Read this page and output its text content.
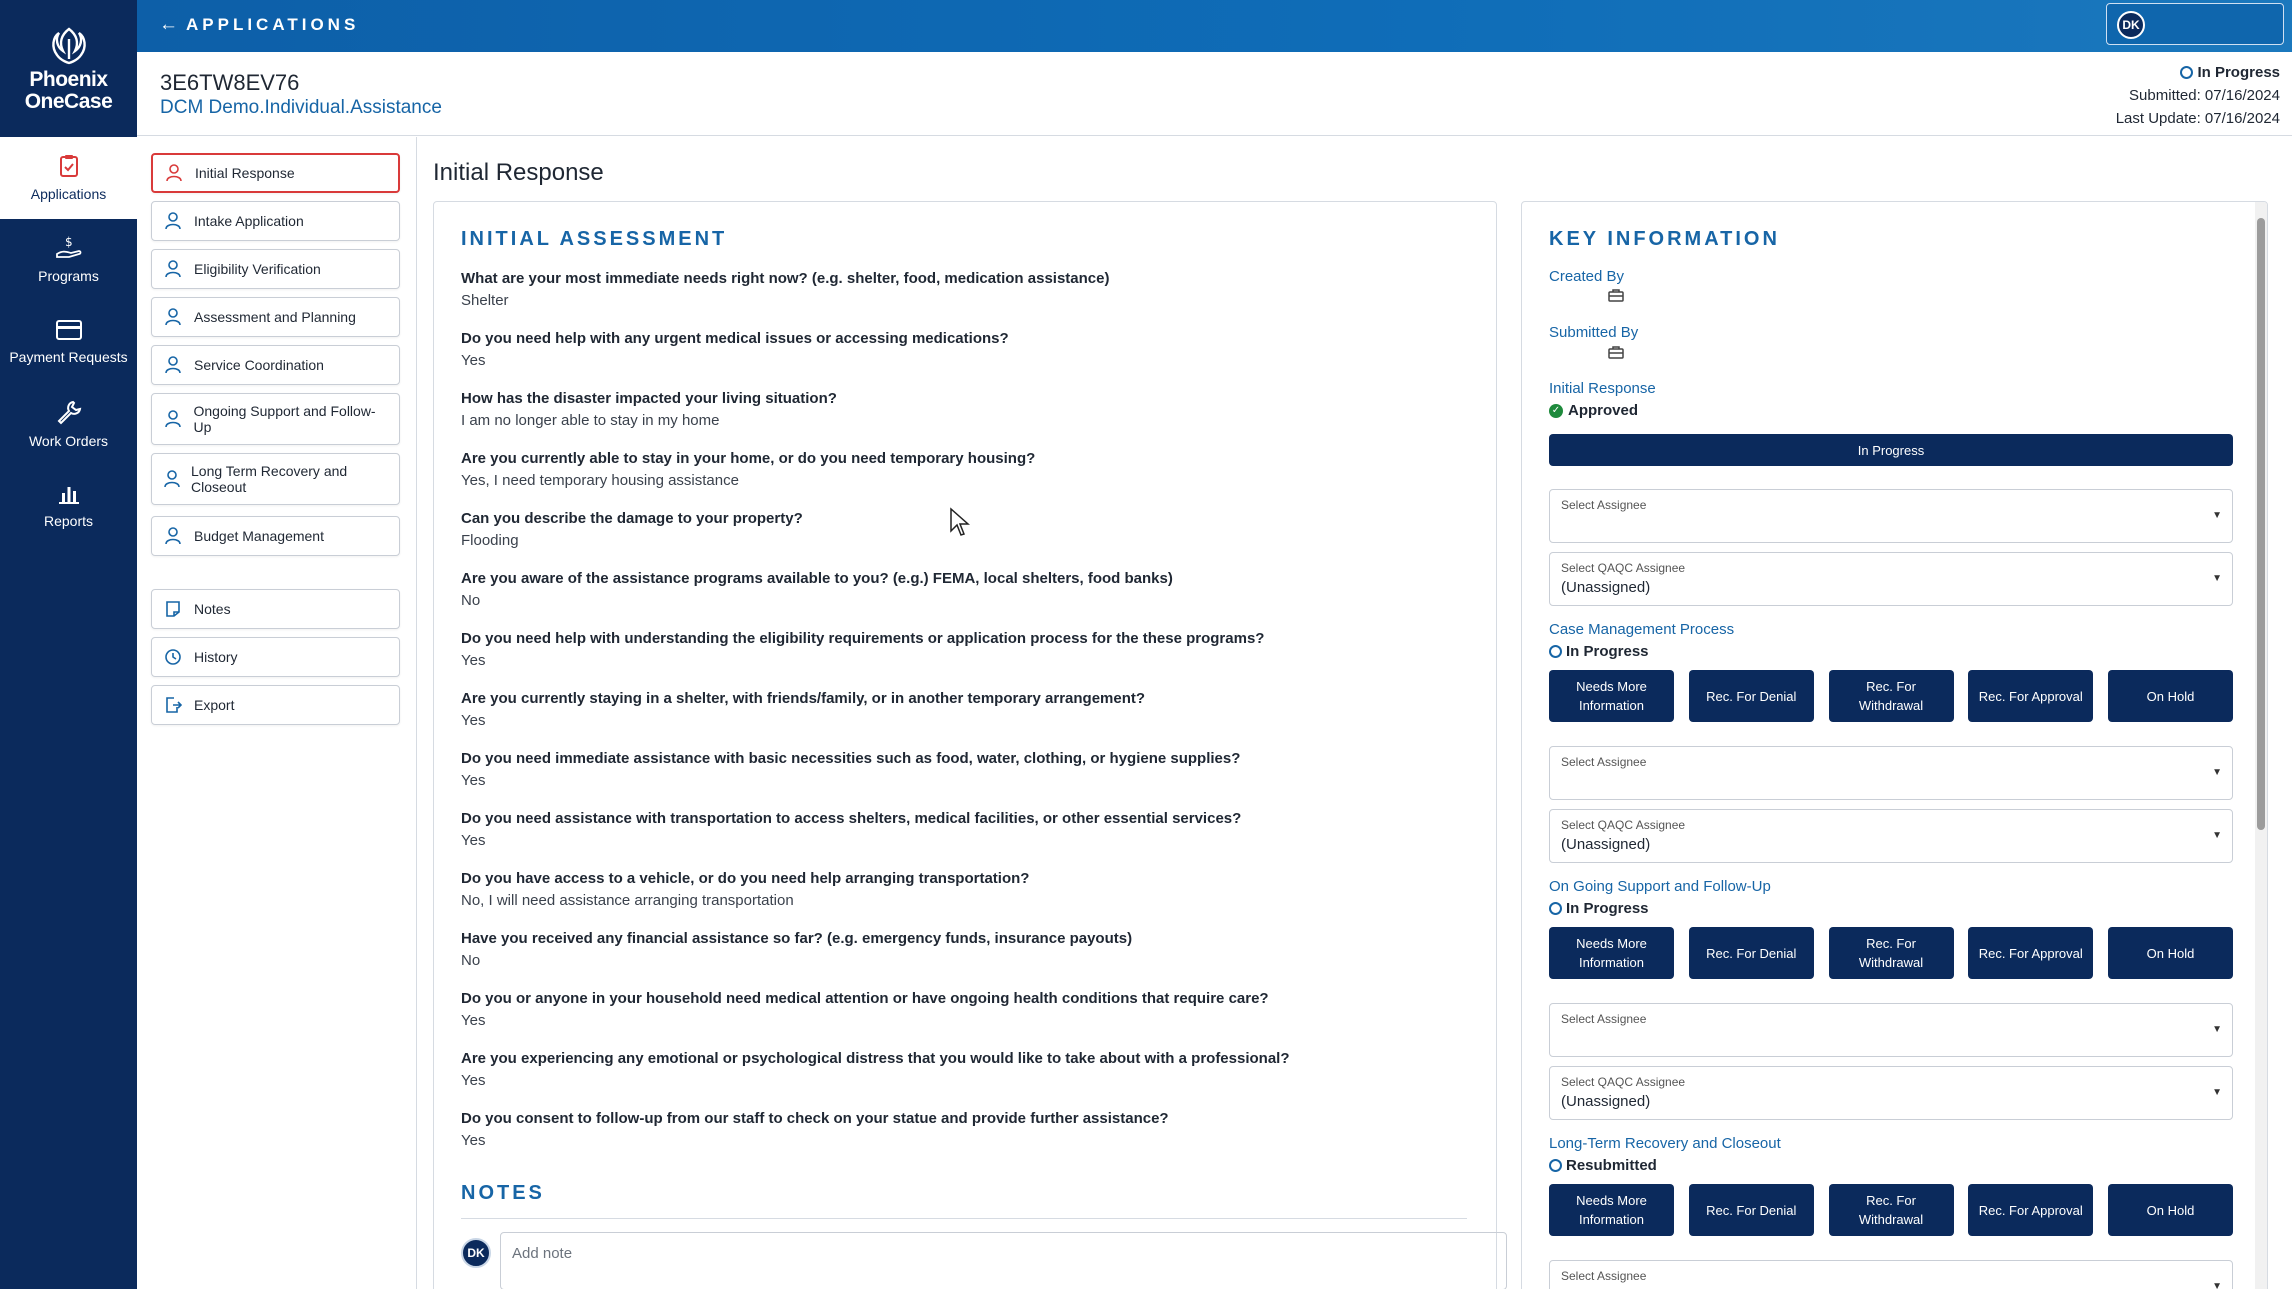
Phoenix
OneCase
Applications
$
Programs
Payment Requests
Work Orders
Reports
← APPLICATIONS	DK
3E6TW8EV76
DCM Demo.Individual.Assistance
In Progress
Submitted: 07/16/2024
Last Update: 07/16/2024
Initial Response
Intake Application
Eligibility Verification
Assessment and Planning
Service Coordination
Ongoing Support and Follow-Up
Long Term Recovery and Closeout
Budget Management
Notes
History
Export
Initial Response
INITIAL ASSESSMENT
What are your most immediate needs right now? (e.g. shelter, food, medication assistance)
Shelter
Do you need help with any urgent medical issues or accessing medications?
Yes
How has the disaster impacted your living situation?
I am no longer able to stay in my home
Are you currently able to stay in your home, or do you need temporary housing?
Yes, I need temporary housing assistance
Can you describe the damage to your property?
Flooding
Are you aware of the assistance programs available to you? (e.g.) FEMA, local shelters, food banks)
No
Do you need help with understanding the eligibility requirements or application process for the these programs?
Yes
Are you currently staying in a shelter, with friends/family, or in another temporary arrangement?
Yes
Do you need immediate assistance with basic necessities such as food, water, clothing, or hygiene supplies?
Yes
Do you need assistance with transportation to access shelters, medical facilities, or other essential services?
Yes
Do you have access to a vehicle, or do you need help arranging transportation?
No, I will need assistance arranging transportation
Have you received any financial assistance so far? (e.g. emergency funds, insurance payouts)
No
Do you or anyone in your household need medical attention or have ongoing health conditions that require care?
Yes
Are you experiencing any emotional or psychological distress that you would like to take about with a professional?
Yes
Do you consent to follow-up from our staff to check on your statue and provide further assistance?
Yes
NOTES
DK	Add note
KEY INFORMATION
Created By
Submitted By
Initial Response
✓ Approved
In Progress
Select Assignee
▼
Select QAQC Assignee
(Unassigned)
▼
Case Management Process
In Progress
Needs More Information
Rec. For Denial
Rec. For Withdrawal
Rec. For Approval	On Hold
Select Assignee
▼
Select QAQC Assignee
(Unassigned)
▼
On Going Support and Follow-Up
In Progress
Needs More Information
Rec. For Denial
Rec. For Withdrawal
Rec. For Approval	On Hold
Select Assignee
▼
Select QAQC Assignee
(Unassigned)
▼
Long-Term Recovery and Closeout
Resubmitted
Needs More Information
Rec. For Denial
Rec. For Withdrawal
Rec. For Approval	On Hold
Select Assignee
▼
